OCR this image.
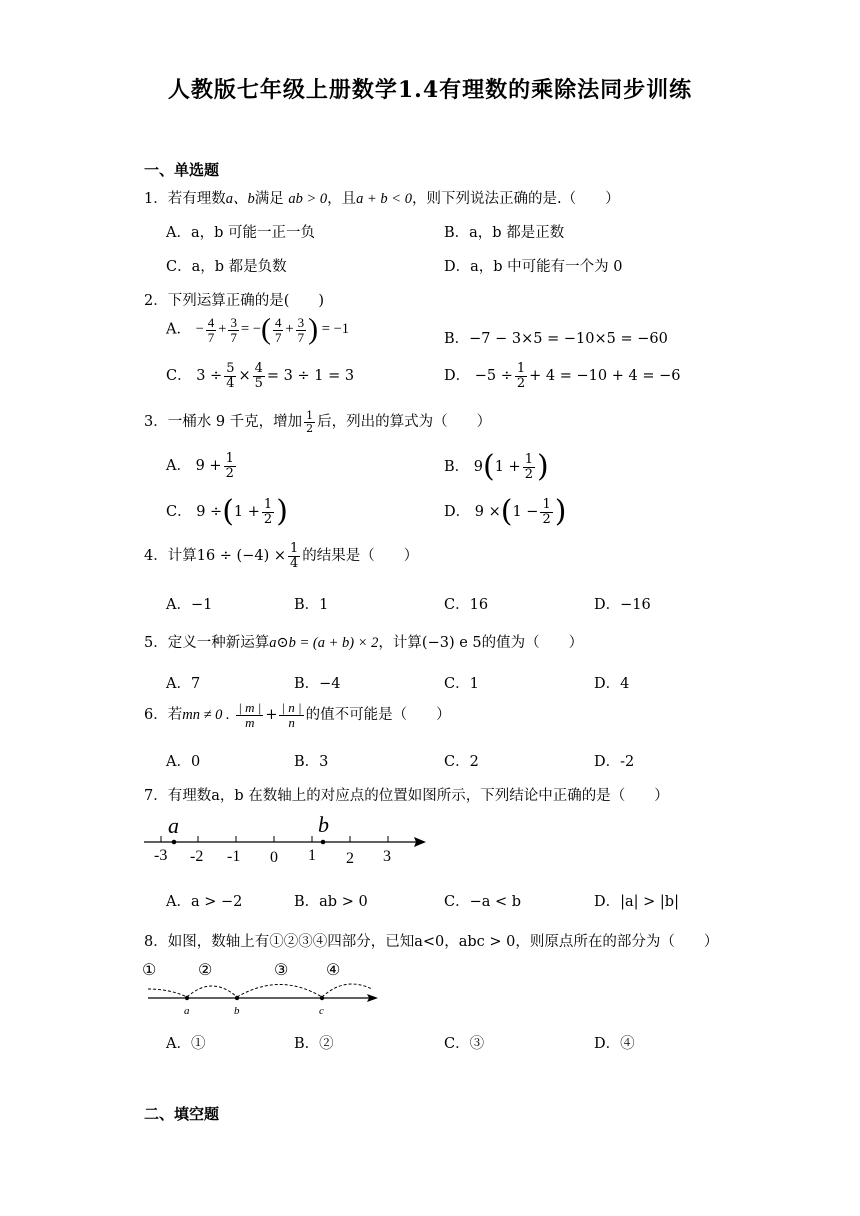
人教版七年级上册数学1.4有理数的乘除法同步训练
一、单选题
1．若有理数a、b满足 ab > 0，且a + b < 0，则下列说法正确的是.（　　）
A．a，b 可能一正一负	B．a，b 都是正数
C．a，b 都是负数	D．a，b 中可能有一个为 0
2．下列运算正确的是(　　)
A． − $\frac{4}{7} + \frac{3}{7}$ = −( $\frac{4}{7} + \frac{3}{7}$ ) = −1
B．−7 − 3×5 = −10×5 = −60
C． $3 \div \frac{5}{4} \times \frac{4}{5} = 3 \div 1 = 3$	D． $-5 \div \frac{1}{2} + 4 = -10 + 4 = -6$
3．一桶水 9 千克，增加 $\frac{1}{2}$ 后，列出的算式为（　　）
A． $9 + \frac{1}{2}$	B． $9(1 + \frac{1}{2}$ )
C． $9 \div(1 + \frac{1}{2}$ )	D． $9 \times(1 - \frac{1}{2}$ )
4．计算$16 \div (-4) \times \frac{1}{4}$ 的结果是（　　）
A．−1	B．1	C．16	D．−16
5．定义一种新运算a⊙b = (a + b) × 2，计算(−3) e 5的值为（　　）
A．7	B．−4	C．1	D．4
6．若mn ≠ 0 . $\frac{| m |}{m} + \frac{| n |}{n}$ 的值不可能是（　　）
A．0	B．3	C．2	D．-2
7．有理数a，b 在数轴上的对应点的位置如图所示，下列结论中正确的是（　　）
-3 -2 -1 0 1 2 3
a	b
A．a > −2	B．ab > 0	C．−a < b	D．|a| > |b|
8．如图，数轴上有①②③④四部分，已知a<0，abc > 0，则原点所在的部分为（　　）
①	②	③ ④
a	b	c
A．①	B．②	C．③	D．④
二、填空题
